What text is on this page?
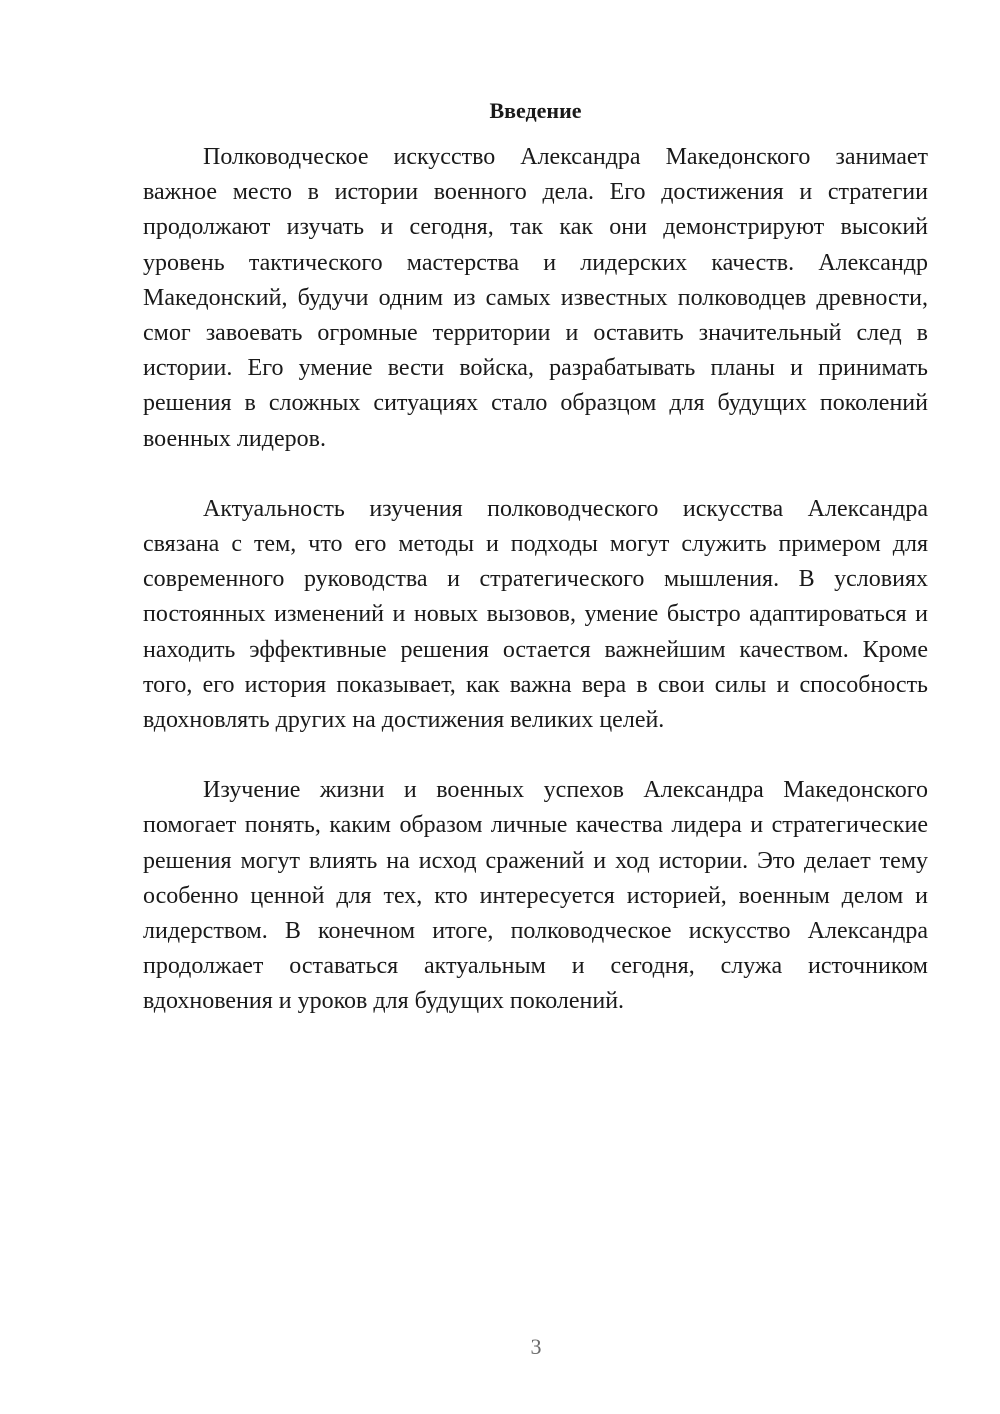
Введение

Полководческое искусство Александра Македонского занимает важное место в истории военного дела. Его достижения и стратегии продолжают изучать и сегодня, так как они демонстрируют высокий уровень тактического мастерства и лидерских качеств. Александр Македонский, будучи одним из самых известных полководцев древности, смог завоевать огромные территории и оставить значительный след в истории. Его умение вести войска, разрабатывать планы и принимать решения в сложных ситуациях стало образцом для будущих поколений военных лидеров.

Актуальность изучения полководческого искусства Александра связана с тем, что его методы и подходы могут служить примером для современного руководства и стратегического мышления. В условиях постоянных изменений и новых вызовов, умение быстро адаптироваться и находить эффективные решения остается важнейшим качеством. Кроме того, его история показывает, как важна вера в свои силы и способность вдохновлять других на достижения великих целей.

Изучение жизни и военных успехов Александра Македонского помогает понять, каким образом личные качества лидера и стратегические решения могут влиять на исход сражений и ход истории. Это делает тему особенно ценной для тех, кто интересуется историей, военным делом и лидерством. В конечном итоге, полководческое искусство Александра продолжает оставаться актуальным и сегодня, служа источником вдохновения и уроков для будущих поколений.

3
